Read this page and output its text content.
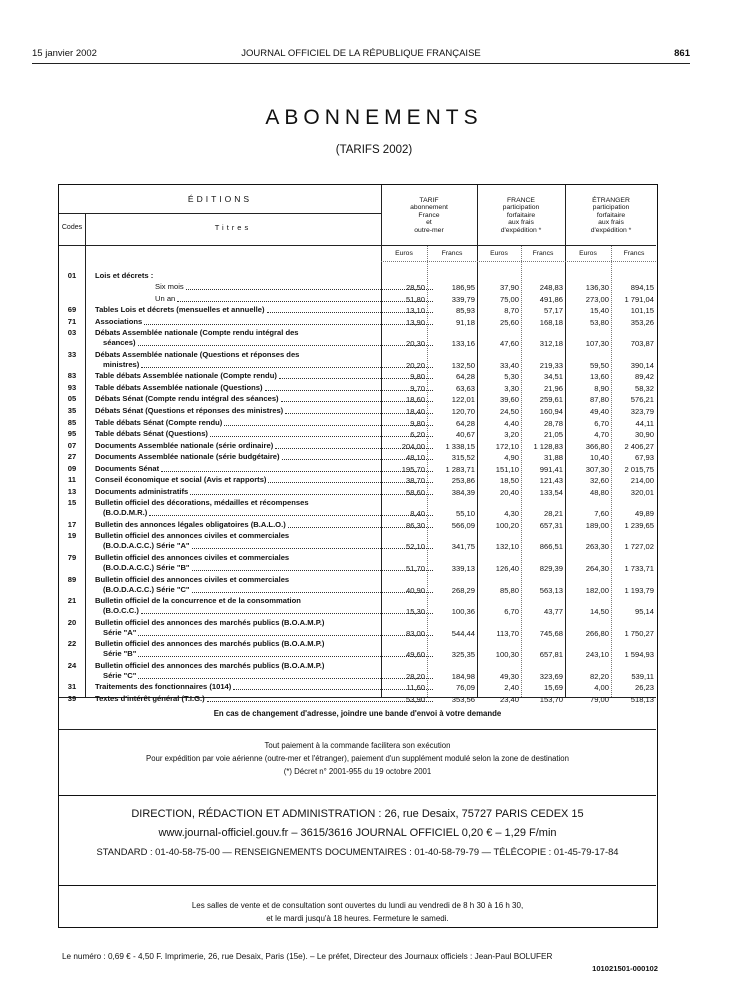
15 janvier 2002	JOURNAL OFFICIEL DE LA RÉPUBLIQUE FRANÇAISE	861
ABONNEMENTS
(TARIFS 2002)
ÉDITIONS
Codes	Titres
TARIF
abonnement
France
et
outre-mer
FRANCE
participation
forfaitaire
aux frais
d'expédition *
ÉTRANGER
participation
forfaitaire
aux frais
d'expédition *
Euros	Francs	Euros	Francs	Euros	Francs
01	Lois et décrets :
Six mois	28,50	186,95	37,90	248,83	136,30	894,15
Un an	51,80	339,79	75,00	491,86	273,00	1 791,04
69	Tables Lois et décrets (mensuelles et annuelle)	13,10	85,93	8,70	57,17	15,40	101,15
71	Associations	13,90	91,18	25,60	168,18	53,80	353,26
03	Débats Assemblée nationale (Compte rendu intégral des
séances)	20,30	133,16	47,60	312,18	107,30	703,87
33	Débats Assemblée nationale (Questions et réponses des
ministres)	20,20	132,50	33,40	219,33	59,50	390,14
83	Table débats Assemblée nationale (Compte rendu)	9,80	64,28	5,30	34,51	13,60	89,42
93	Table débats Assemblée nationale (Questions)	9,70	63,63	3,30	21,96	8,90	58,32
05	Débats Sénat (Compte rendu intégral des séances)	18,60	122,01	39,60	259,61	87,80	576,21
35	Débats Sénat (Questions et réponses des ministres)	18,40	120,70	24,50	160,94	49,40	323,79
85	Table débats Sénat (Compte rendu)	9,80	64,28	4,40	28,78	6,70	44,11
95	Table débats Sénat (Questions)	6,20	40,67	3,20	21,05	4,70	30,90
07	Documents Assemblée nationale (série ordinaire)	204,00	1 338,15	172,10	1 128,83	366,80	2 406,27
27	Documents Assemblée nationale (série budgétaire)	48,10	315,52	4,90	31,88	10,40	67,93
09	Documents Sénat	195,70	1 283,71	151,10	991,41	307,30	2 015,75
11	Conseil économique et social (Avis et rapports)	38,70	253,86	18,50	121,43	32,60	214,00
13	Documents administratifs	58,60	384,39	20,40	133,54	48,80	320,01
15	Bulletin officiel des décorations, médailles et récompenses
(B.O.D.M.R.)	8,40	55,10	4,30	28,21	7,60	49,89
17	Bulletin des annonces légales obligatoires (B.A.L.O.)	86,30	566,09	100,20	657,31	189,00	1 239,65
19	Bulletin officiel des annonces civiles et commerciales
(B.O.D.A.C.C.) Série "A"	52,10	341,75	132,10	866,51	263,30	1 727,02
79	Bulletin officiel des annonces civiles et commerciales
(B.O.D.A.C.C.) Série "B"	51,70	339,13	126,40	829,39	264,30	1 733,71
89	Bulletin officiel des annonces civiles et commerciales
(B.O.D.A.C.C.) Série "C"	40,90	268,29	85,80	563,13	182,00	1 193,79
21	Bulletin officiel de la concurrence et de la consommation
(B.O.C.C.)	15,30	100,36	6,70	43,77	14,50	95,14
20	Bulletin officiel des annonces des marchés publics (B.O.A.M.P.)
Série "A"	83,00	544,44	113,70	745,68	266,80	1 750,27
22	Bulletin officiel des annonces des marchés publics (B.O.A.M.P.)
Série "B"	49,60	325,35	100,30	657,81	243,10	1 594,93
24	Bulletin officiel des annonces des marchés publics (B.O.A.M.P.)
Série "C"	28,20	184,98	49,30	323,69	82,20	539,11
31	Traitements des fonctionnaires (1014)	11,60	76,09	2,40	15,69	4,00	26,23
39	Textes d'intérêt général (T.I.G.)	53,90	353,56	23,40	153,70	79,00	518,13
En cas de changement d'adresse, joindre une bande d'envoi à votre demande
Tout paiement à la commande facilitera son exécution
Pour expédition par voie aérienne (outre-mer et l'étranger), paiement d'un supplément modulé selon la zone de destination
(*) Décret n° 2001-955 du 19 octobre 2001
DIRECTION, RÉDACTION ET ADMINISTRATION : 26, rue Desaix, 75727 PARIS CEDEX 15
www.journal-officiel.gouv.fr – 3615/3616 JOURNAL OFFICIEL 0,20 € – 1,29 F/min
STANDARD : 01-40-58-75-00 — RENSEIGNEMENTS DOCUMENTAIRES : 01-40-58-79-79 — TÉLÉCOPIE : 01-45-79-17-84
Les salles de vente et de consultation sont ouvertes du lundi au vendredi de 8 h 30 à 16 h 30,
et le mardi jusqu'à 18 heures. Fermeture le samedi.
Le numéro : 0,69 € - 4,50 F. Imprimerie, 26, rue Desaix, Paris (15e). – Le préfet, Directeur des Journaux officiels : Jean-Paul BOLUFER
101021501-000102
